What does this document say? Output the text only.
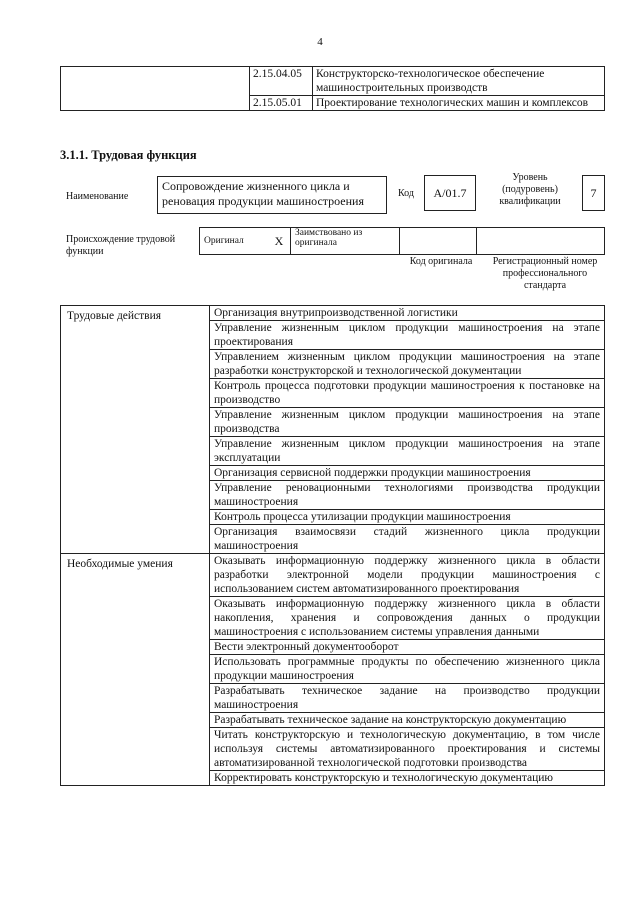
4
	2.15.04.05	Конструкторско-технологическое обеспечение машиностроительных производств
	2.15.05.01	Проектирование технологических машин и комплексов
3.1.1. Трудовая функция
Наименование
Сопровождение жизненного цикла и реновация продукции машиностроения
Код	A/01.7
Уровень (подуровень) квалификации
7
Происхождение трудовой функции
Оригинал	X	Заимствовано из оригинала		
Код оригинала	Регистрационный номер профессионального стандарта
Трудовые действия	Организация внутрипроизводственной логистики
	Управление жизненным циклом продукции машиностроения на этапе проектирования
	Управлением жизненным циклом продукции машиностроения на этапе разработки конструкторской и технологической документации
	Контроль процесса подготовки продукции машиностроения к постановке на производство
	Управление жизненным циклом продукции машиностроения на этапе производства
	Управление жизненным циклом продукции машиностроения на этапе эксплуатации
	Организация сервисной поддержки продукции машиностроения
	Управление реновационными технологиями производства продукции машиностроения
	Контроль процесса утилизации продукции машиностроения
	Организация взаимосвязи стадий жизненного цикла продукции машиностроения
Необходимые умения	Оказывать информационную поддержку жизненного цикла в области разработки электронной модели продукции машиностроения с использованием систем автоматизированного проектирования
	Оказывать информационную поддержку жизненного цикла в области накопления, хранения и сопровождения данных о продукции машиностроения с использованием системы управления данными
	Вести электронный документооборот
	Использовать программные продукты по обеспечению жизненного цикла продукции машиностроения
	Разрабатывать техническое задание на производство продукции машиностроения
	Разрабатывать техническое задание на конструкторскую документацию
	Читать конструкторскую и технологическую документацию, в том числе используя системы автоматизированного проектирования и системы автоматизированной технологической подготовки производства
	Корректировать конструкторскую и технологическую документацию
